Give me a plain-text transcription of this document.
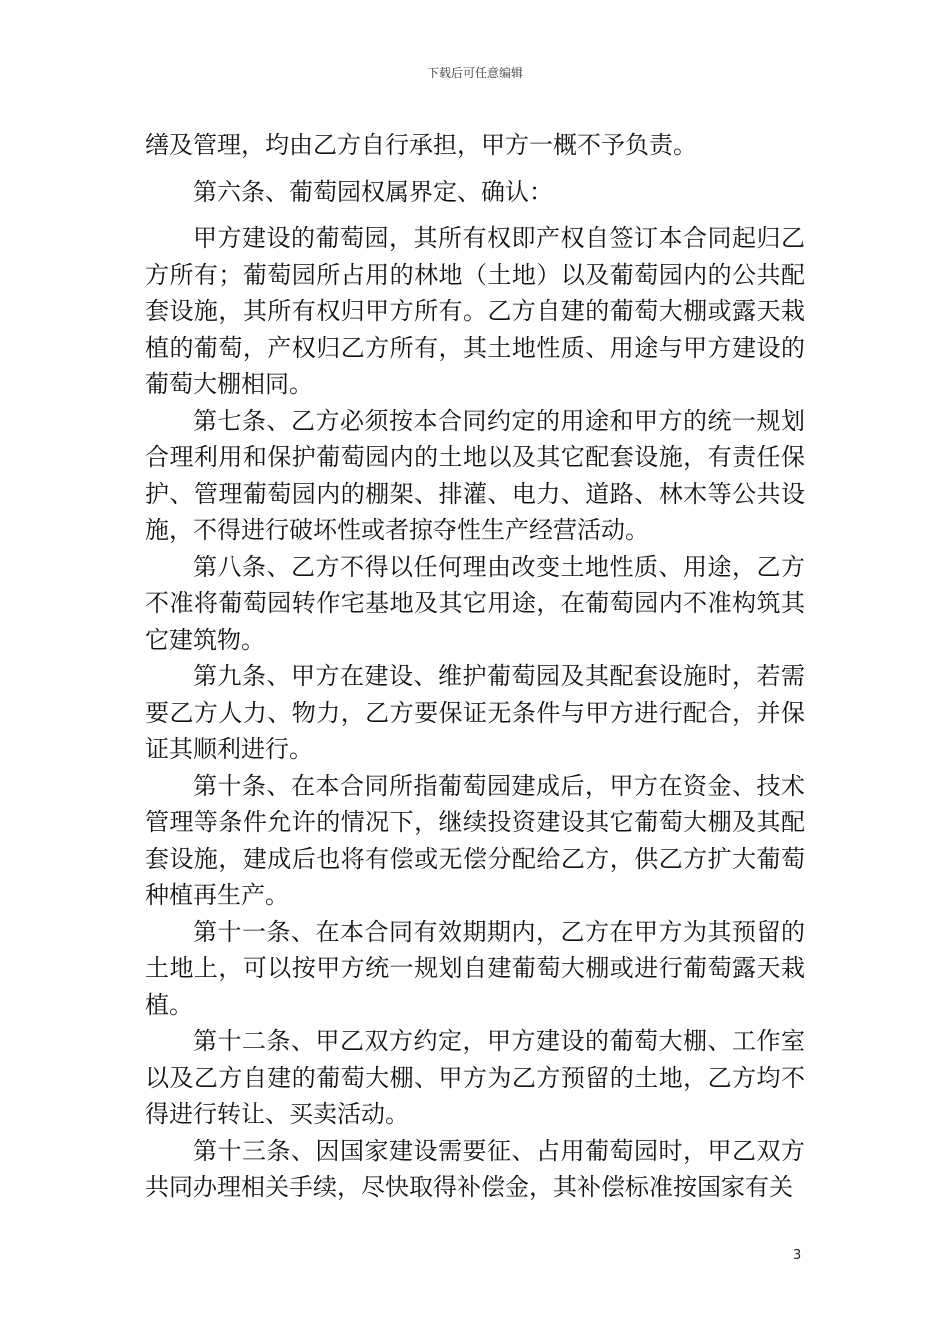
下载后可任意编辑

缮及管理，均由乙方自行承担，甲方一概不予负责。

第六条、葡萄园权属界定、确认：

甲方建设的葡萄园，其所有权即产权自签订本合同起归乙方所有；葡萄园所占用的林地（土地）以及葡萄园内的公共配套设施，其所有权归甲方所有。乙方自建的葡萄大棚或露天栽植的葡萄，产权归乙方所有，其土地性质、用途与甲方建设的葡萄大棚相同。

第七条、乙方必须按本合同约定的用途和甲方的统一规划合理利用和保护葡萄园内的土地以及其它配套设施，有责任保护、管理葡萄园内的棚架、排灌、电力、道路、林木等公共设施，不得进行破坏性或者掠夺性生产经营活动。

第八条、乙方不得以任何理由改变土地性质、用途，乙方不准将葡萄园转作宅基地及其它用途，在葡萄园内不准构筑其它建筑物。

第九条、甲方在建设、维护葡萄园及其配套设施时，若需要乙方人力、物力，乙方要保证无条件与甲方进行配合，并保证其顺利进行。

第十条、在本合同所指葡萄园建成后，甲方在资金、技术管理等条件允许的情况下，继续投资建设其它葡萄大棚及其配套设施，建成后也将有偿或无偿分配给乙方，供乙方扩大葡萄种植再生产。

第十一条、在本合同有效期期内，乙方在甲方为其预留的土地上，可以按甲方统一规划自建葡萄大棚或进行葡萄露天栽植。

第十二条、甲乙双方约定，甲方建设的葡萄大棚、工作室以及乙方自建的葡萄大棚、甲方为乙方预留的土地，乙方均不得进行转让、买卖活动。

第十三条、因国家建设需要征、占用葡萄园时，甲乙双方共同办理相关手续，尽快取得补偿金，其补偿标准按国家有关

3
